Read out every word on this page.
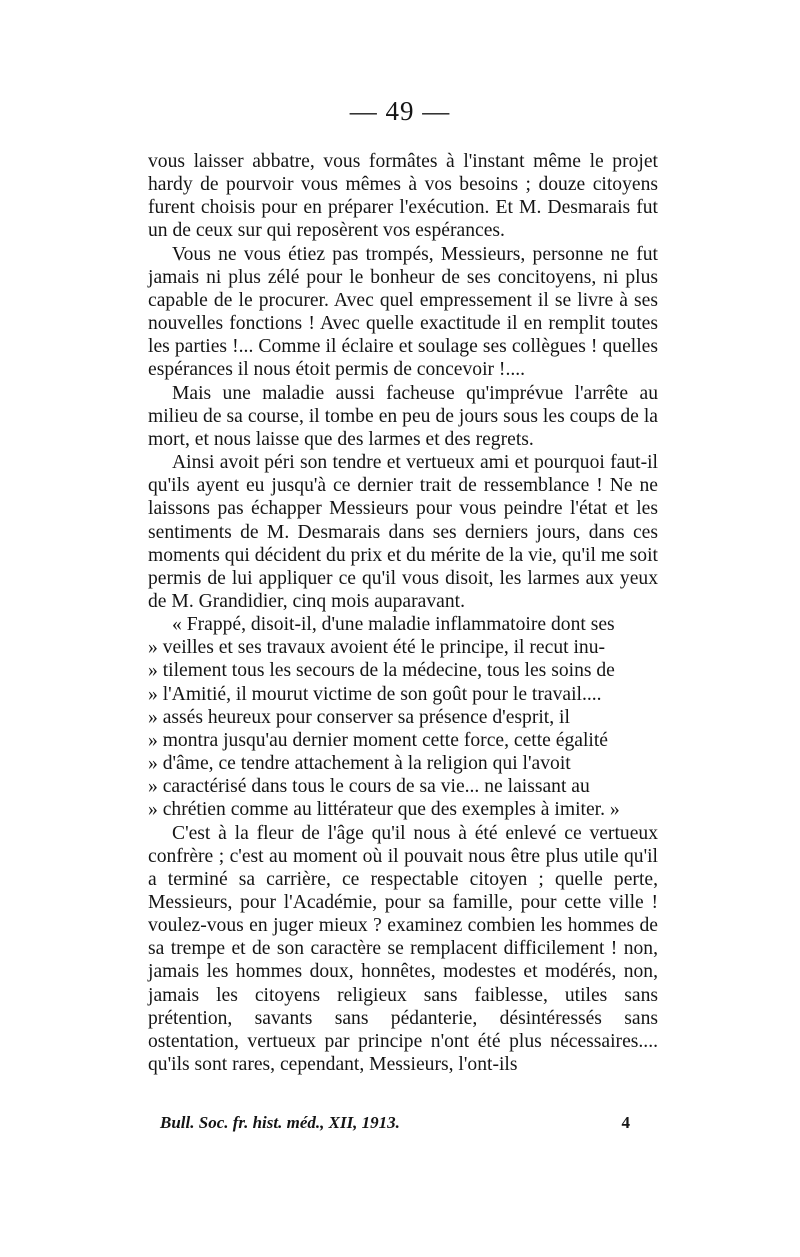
— 49 —

vous laisser abbatre, vous formâtes à l'instant même le projet hardy de pourvoir vous mêmes à vos besoins ; douze citoyens furent choisis pour en préparer l'exécution. Et M. Desmarais fut un de ceux sur qui reposèrent vos espérances.

Vous ne vous étiez pas trompés, Messieurs, personne ne fut jamais ni plus zélé pour le bonheur de ses concitoyens, ni plus capable de le procurer. Avec quel empressement il se livre à ses nouvelles fonctions ! Avec quelle exactitude il en remplit toutes les parties !... Comme il éclaire et soulage ses collègues ! quelles espérances il nous étoit permis de concevoir !....

Mais une maladie aussi facheuse qu'imprévue l'arrête au milieu de sa course, il tombe en peu de jours sous les coups de la mort, et nous laisse que des larmes et des regrets.

Ainsi avoit péri son tendre et vertueux ami et pourquoi faut-il qu'ils ayent eu jusqu'à ce dernier trait de ressemblance ! Ne ne laissons pas échapper Messieurs pour vous peindre l'état et les sentiments de M. Desmarais dans ses derniers jours, dans ces moments qui décident du prix et du mérite de la vie, qu'il me soit permis de lui appliquer ce qu'il vous disoit, les larmes aux yeux de M. Grandidier, cinq mois auparavant.

« Frappé, disoit-il, d'une maladie inflammatoire dont ses
» veilles et ses travaux avoient été le principe, il recut inu-
» tilement tous les secours de la médecine, tous les soins de
» l'Amitié, il mourut victime de son goût pour le travail....
» assés heureux pour conserver sa présence d'esprit, il
» montra jusqu'au dernier moment cette force, cette égalité
» d'âme, ce tendre attachement à la religion qui l'avoit
» caractérisé dans tous le cours de sa vie... ne laissant au
» chrétien comme au littérateur que des exemples à imiter. »

C'est à la fleur de l'âge qu'il nous à été enlevé ce vertueux confrère ; c'est au moment où il pouvait nous être plus utile qu'il a terminé sa carrière, ce respectable citoyen ; quelle perte, Messieurs, pour l'Académie, pour sa famille, pour cette ville ! voulez-vous en juger mieux ? examinez combien les hommes de sa trempe et de son caractère se remplacent difficilement ! non, jamais les hommes doux, honnêtes, modestes et modérés, non, jamais les citoyens religieux sans faiblesse, utiles sans prétention, savants sans pédanterie, désintéressés sans ostentation, vertueux par principe n'ont été plus nécessaires.... qu'ils sont rares, cependant, Messieurs, l'ont-ils

Bull. Soc. fr. hist. méd., XII, 1913.	4
